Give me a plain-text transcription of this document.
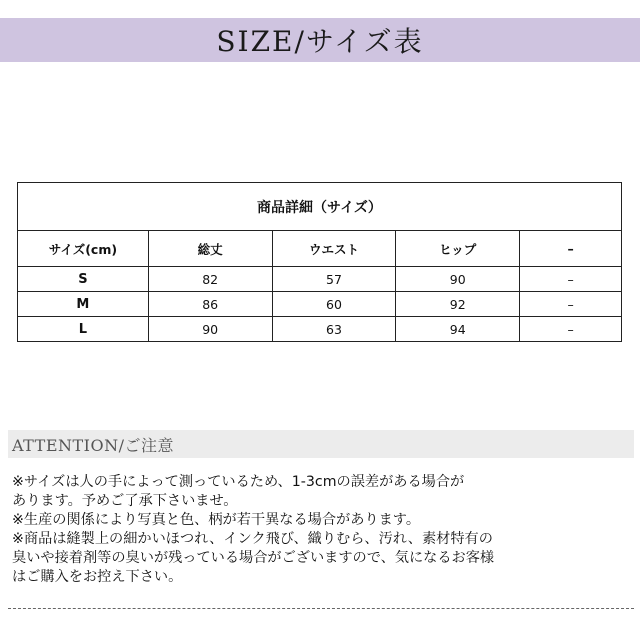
SIZE/サイズ表
商品詳細（サイズ）				
サイズ(cm)	総丈	ウエスト	ヒップ	–
S	82	57	90	–
M	86	60	92	–
L	90	63	94	–
ATTENTION/ご注意

※サイズは人の手によって測っているため、1-3cmの誤差がある場合が
あります。予めご了承下さいませ。

※生産の関係により写真と色、柄が若干異なる場合があります。

※商品は縫製上の細かいほつれ、インク飛び、織りむら、汚れ、素材特有の
臭いや接着剤等の臭いが残っている場合がございますので、気になるお客様
はご購入をお控え下さい。
